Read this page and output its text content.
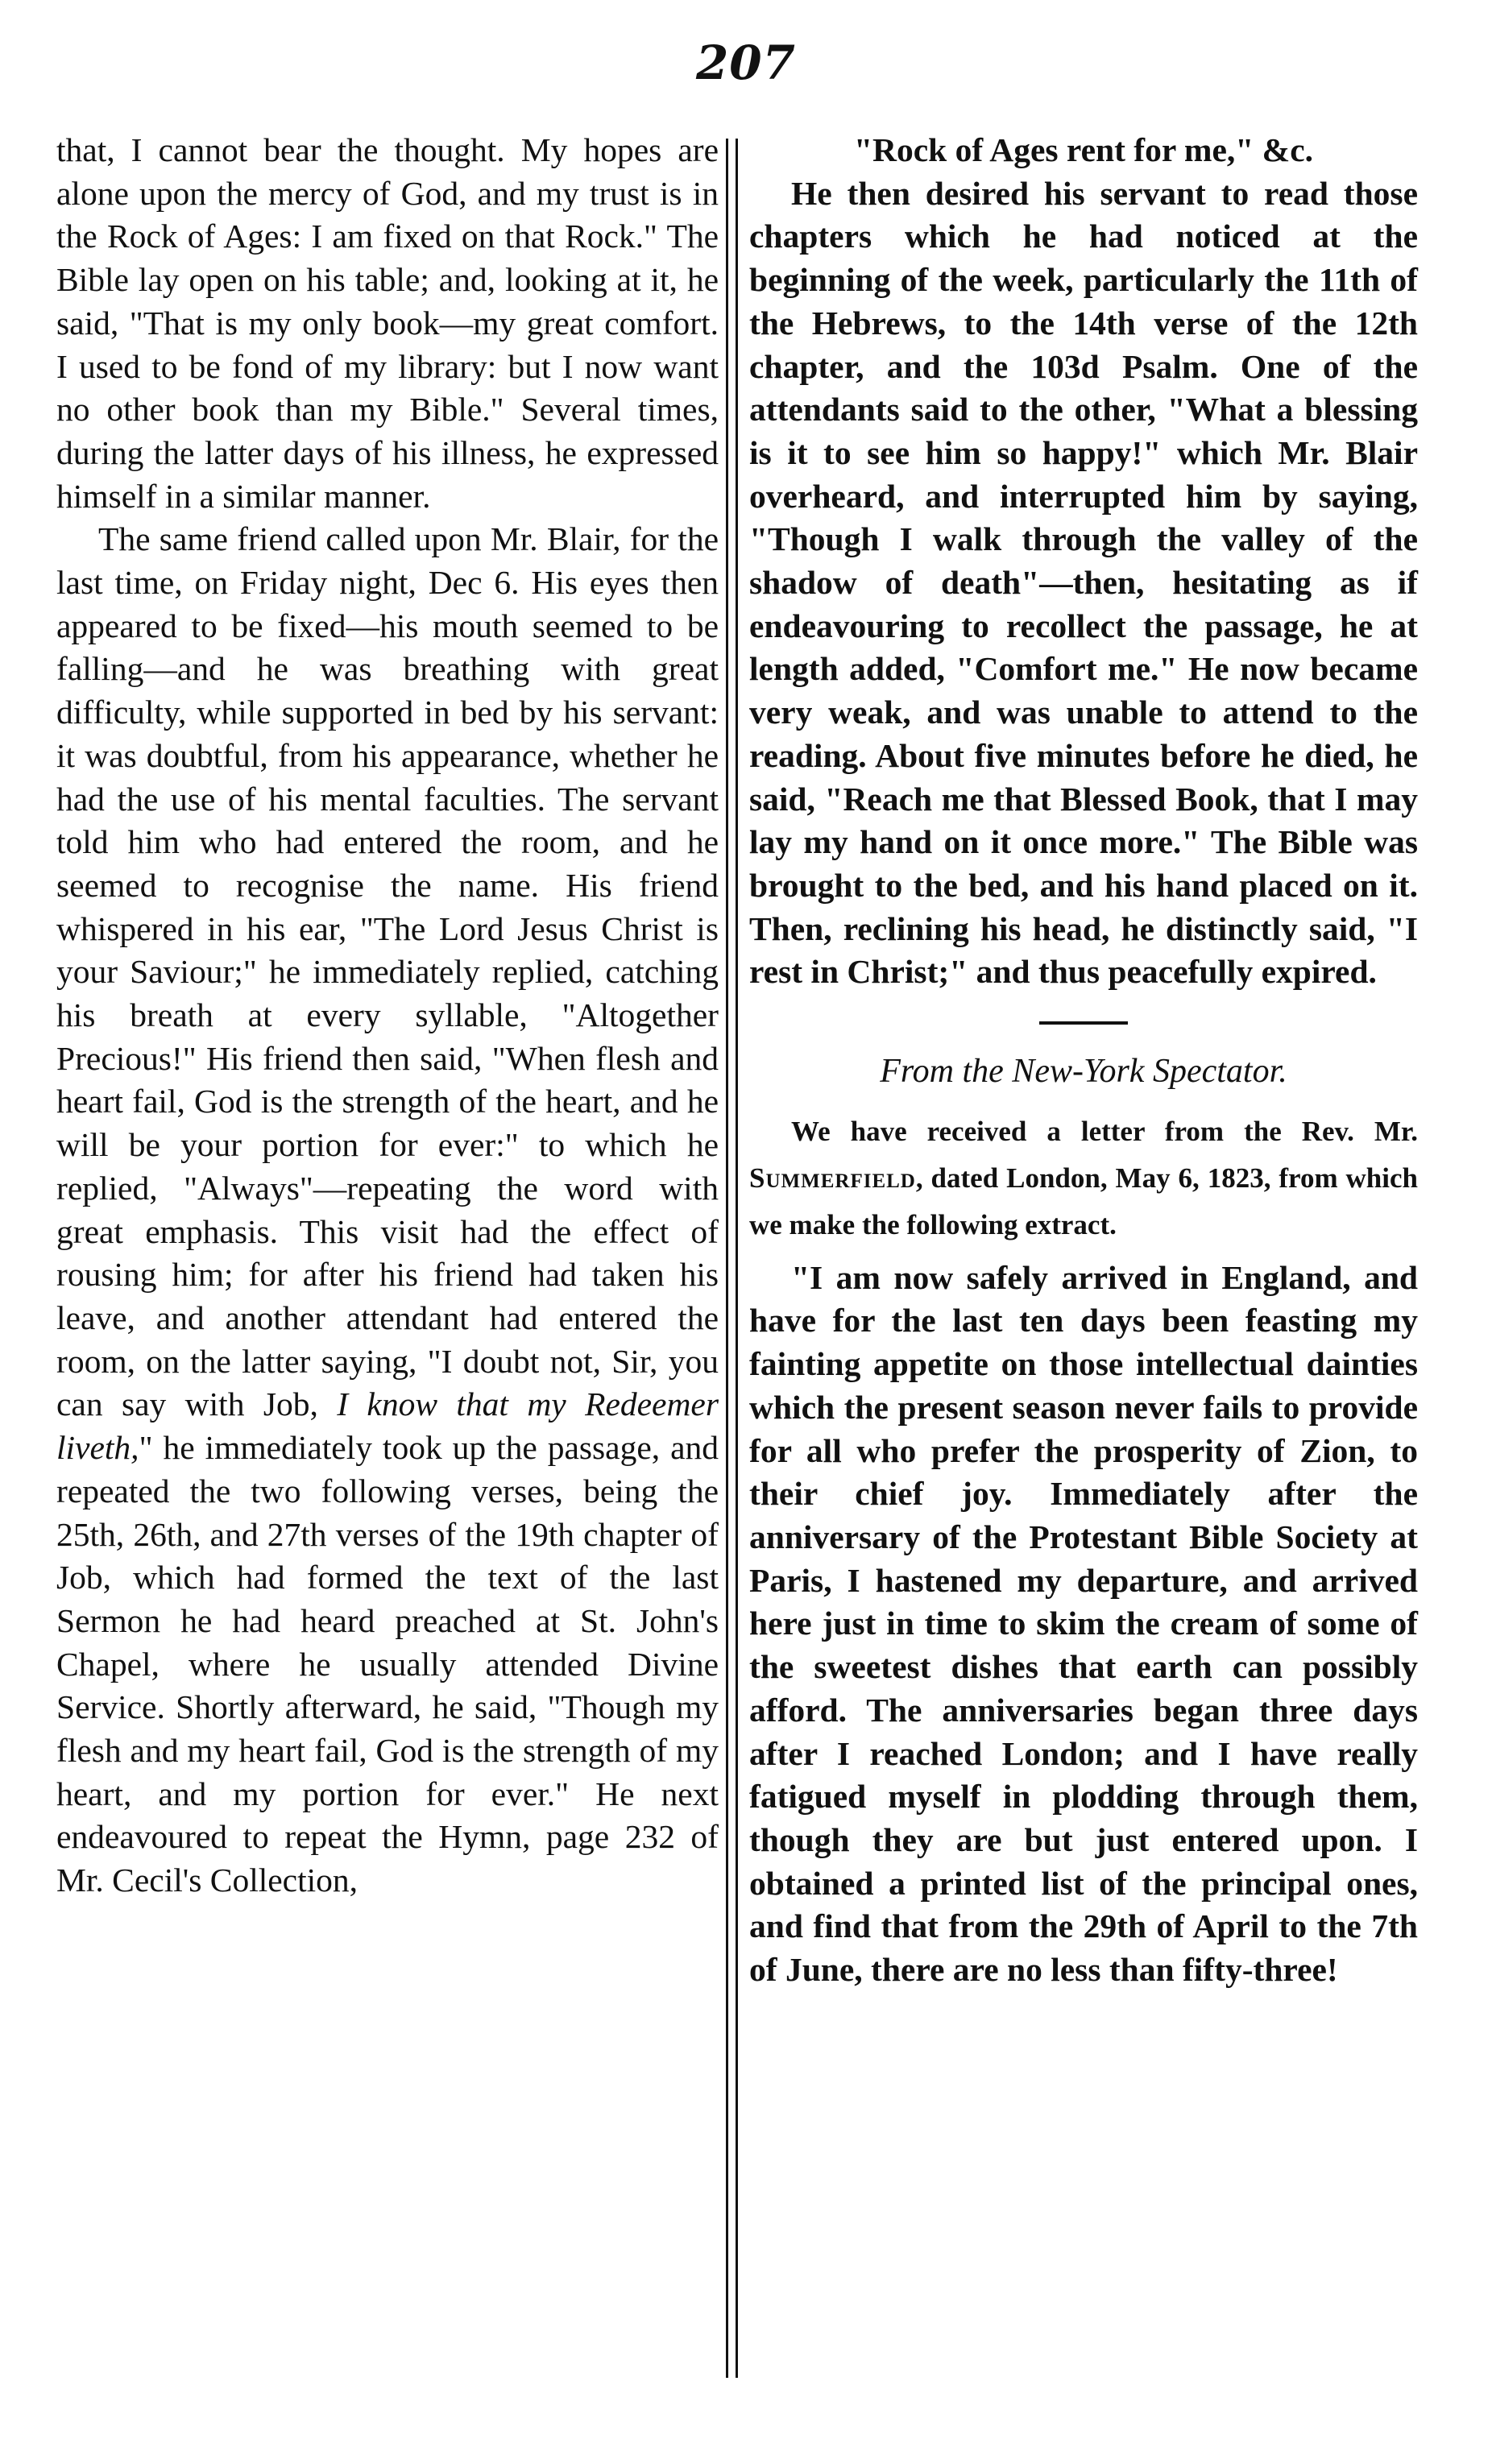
207

that, I cannot bear the thought. My hopes are alone upon the mercy of God, and my trust is in the Rock of Ages: I am fixed on that Rock." The Bible lay open on his table; and, looking at it, he said, "That is my only book—my great comfort. I used to be fond of my library: but I now want no other book than my Bible." Several times, during the latter days of his illness, he expressed himself in a similar manner.

The same friend called upon Mr. Blair, for the last time, on Friday night, Dec 6. His eyes then appeared to be fixed—his mouth seemed to be falling—and he was breathing with great difficulty, while supported in bed by his servant: it was doubtful, from his appearance, whether he had the use of his mental faculties. The servant told him who had entered the room, and he seemed to recognise the name. His friend whispered in his ear, "The Lord Jesus Christ is your Saviour;" he immediately replied, catching his breath at every syllable, "Altogether Precious!" His friend then said, "When flesh and heart fail, God is the strength of the heart, and he will be your portion for ever:" to which he replied, "Always"—repeating the word with great emphasis. This visit had the effect of rousing him; for after his friend had taken his leave, and another attendant had entered the room, on the latter saying, "I doubt not, Sir, you can say with Job, I know that my Redeemer liveth," he immediately took up the passage, and repeated the two following verses, being the 25th, 26th, and 27th verses of the 19th chapter of Job, which had formed the text of the last Sermon he had heard preached at St. John's Chapel, where he usually attended Divine Service. Shortly afterward, he said, "Though my flesh and my heart fail, God is the strength of my heart, and my portion for ever." He next endeavoured to repeat the Hymn, page 232 of Mr. Cecil's Collection,

"Rock of Ages rent for me," &c.

He then desired his servant to read those chapters which he had noticed at the beginning of the week, particularly the 11th of the Hebrews, to the 14th verse of the 12th chapter, and the 103d Psalm. One of the attendants said to the other, "What a blessing is it to see him so happy!" which Mr. Blair overheard, and interrupted him by saying, "Though I walk through the valley of the shadow of death"—then, hesitating as if endeavouring to recollect the passage, he at length added, "Comfort me." He now became very weak, and was unable to attend to the reading. About five minutes before he died, he said, "Reach me that Blessed Book, that I may lay my hand on it once more." The Bible was brought to the bed, and his hand placed on it. Then, reclining his head, he distinctly said, "I rest in Christ;" and thus peacefully expired.

From the New-York Spectator.

We have received a letter from the Rev. Mr. Summerfield, dated London, May 6, 1823, from which we make the following extract.

"I am now safely arrived in England, and have for the last ten days been feasting my fainting appetite on those intellectual dainties which the present season never fails to provide for all who prefer the prosperity of Zion, to their chief joy. Immediately after the anniversary of the Protestant Bible Society at Paris, I hastened my departure, and arrived here just in time to skim the cream of some of the sweetest dishes that earth can possibly afford. The anniversaries began three days after I reached London; and I have really fatigued myself in plodding through them, though they are but just entered upon. I obtained a printed list of the principal ones, and find that from the 29th of April to the 7th of June, there are no less than fifty-three!
